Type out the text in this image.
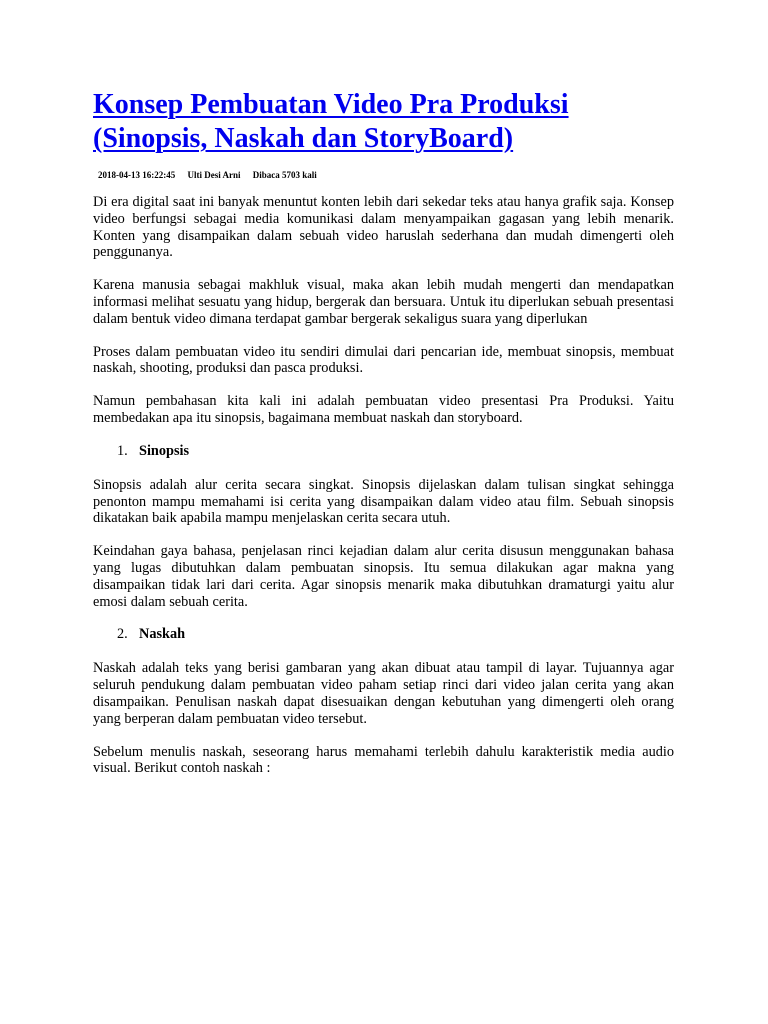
Konsep Pembuatan Video Pra Produksi
(Sinopsis, Naskah dan StoryBoard)
2018-04-13 16:22:45 Ulti Desi Arni Dibaca 5703 kali

Di era digital saat ini banyak menuntut konten lebih dari sekedar teks atau hanya grafik saja. Konsep video berfungsi sebagai media komunikasi dalam menyampaikan gagasan yang lebih menarik. Konten yang disampaikan dalam sebuah video haruslah sederhana dan mudah dimengerti oleh penggunanya.

Karena manusia sebagai makhluk visual, maka akan lebih mudah mengerti dan mendapatkan informasi melihat sesuatu yang hidup, bergerak dan bersuara. Untuk itu diperlukan sebuah presentasi dalam bentuk video dimana terdapat gambar bergerak sekaligus suara yang diperlukan

Proses dalam pembuatan video itu sendiri dimulai dari pencarian ide, membuat sinopsis, membuat naskah, shooting, produksi dan pasca produksi.

Namun pembahasan kita kali ini adalah pembuatan video presentasi Pra Produksi. Yaitu membedakan apa itu sinopsis, bagaimana membuat naskah dan storyboard.

1. Sinopsis

Sinopsis adalah alur cerita secara singkat. Sinopsis dijelaskan dalam tulisan singkat sehingga penonton mampu memahami isi cerita yang disampaikan dalam video atau film. Sebuah sinopsis dikatakan baik apabila mampu menjelaskan cerita secara utuh.

Keindahan gaya bahasa, penjelasan rinci kejadian dalam alur cerita disusun menggunakan bahasa yang lugas dibutuhkan dalam pembuatan sinopsis. Itu semua dilakukan agar makna yang disampaikan tidak lari dari cerita. Agar sinopsis menarik maka dibutuhkan dramaturgi yaitu alur emosi dalam sebuah cerita.

2. Naskah

Naskah adalah teks yang berisi gambaran yang akan dibuat atau tampil di layar. Tujuannya agar seluruh pendukung dalam pembuatan video paham setiap rinci dari video jalan cerita yang akan disampaikan. Penulisan naskah dapat disesuaikan dengan kebutuhan yang dimengerti oleh orang yang berperan dalam pembuatan video tersebut.

Sebelum menulis naskah, seseorang harus memahami terlebih dahulu karakteristik media audio visual. Berikut contoh naskah :
